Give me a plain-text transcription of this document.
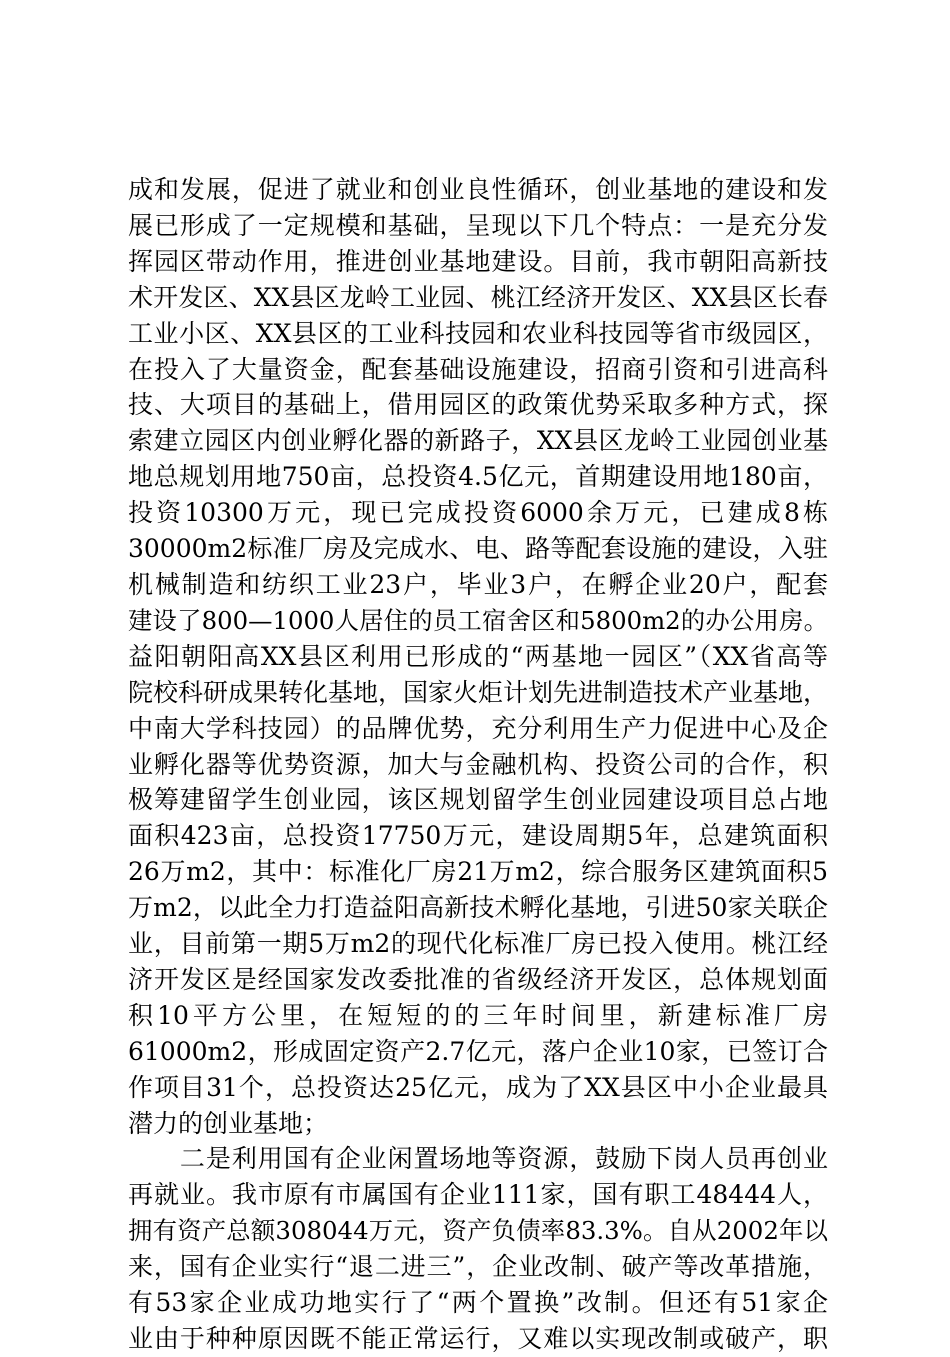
成和发展，促进了就业和创业良性循环，创业基地的建设和发
展已形成了一定规模和基础，呈现以下几个特点：一是充分发
挥园区带动作用，推进创业基地建设。目前，我市朝阳高新技
术开发区、XX县区龙岭工业园、桃江经济开发区、XX县区长春
工业小区、XX县区的工业科技园和农业科技园等省市级园区，
在投入了大量资金，配套基础设施建设，招商引资和引进高科
技、大项目的基础上，借用园区的政策优势采取多种方式，探
索建立园区内创业孵化器的新路子，XX县区龙岭工业园创业基
地总规划用地750亩，总投资4.5亿元，首期建设用地180亩，
投资10300万元，现已完成投资6000余万元，已建成8栋
30000m2标准厂房及完成水、电、路等配套设施的建设，入驻
机械制造和纺织工业23户，毕业3户，在孵企业20户，配套
建设了800—1000人居住的员工宿舍区和5800m2的办公用房。
益阳朝阳高XX县区利用已形成的“两基地一园区”（XX省高等
院校科研成果转化基地，国家火炬计划先进制造技术产业基地，
中南大学科技园）的品牌优势，充分利用生产力促进中心及企
业孵化器等优势资源，加大与金融机构、投资公司的合作，积
极筹建留学生创业园，该区规划留学生创业园建设项目总占地
面积423亩，总投资17750万元，建设周期5年，总建筑面积
26万m2，其中：标准化厂房21万m2，综合服务区建筑面积5
万m2，以此全力打造益阳高新技术孵化基地，引进50家关联企
业，目前第一期5万m2的现代化标准厂房已投入使用。桃江经
济开发区是经国家发改委批准的省级经济开发区，总体规划面
积10平方公里，在短短的的三年时间里，新建标准厂房
61000m2，形成固定资产2.7亿元，落户企业10家，已签订合
作项目31个，总投资达25亿元，成为了XX县区中小企业最具
潜力的创业基地；
　　二是利用国有企业闲置场地等资源，鼓励下岗人员再创业
再就业。我市原有市属国有企业111家，国有职工48444人，
拥有资产总额308044万元，资产负债率83.3%。自从2002年以
来，国有企业实行“退二进三”，企业改制、破产等改革措施，
有53家企业成功地实行了“两个置换”改制。但还有51家企
业由于种种原因既不能正常运行，又难以实现改制或破产，职
